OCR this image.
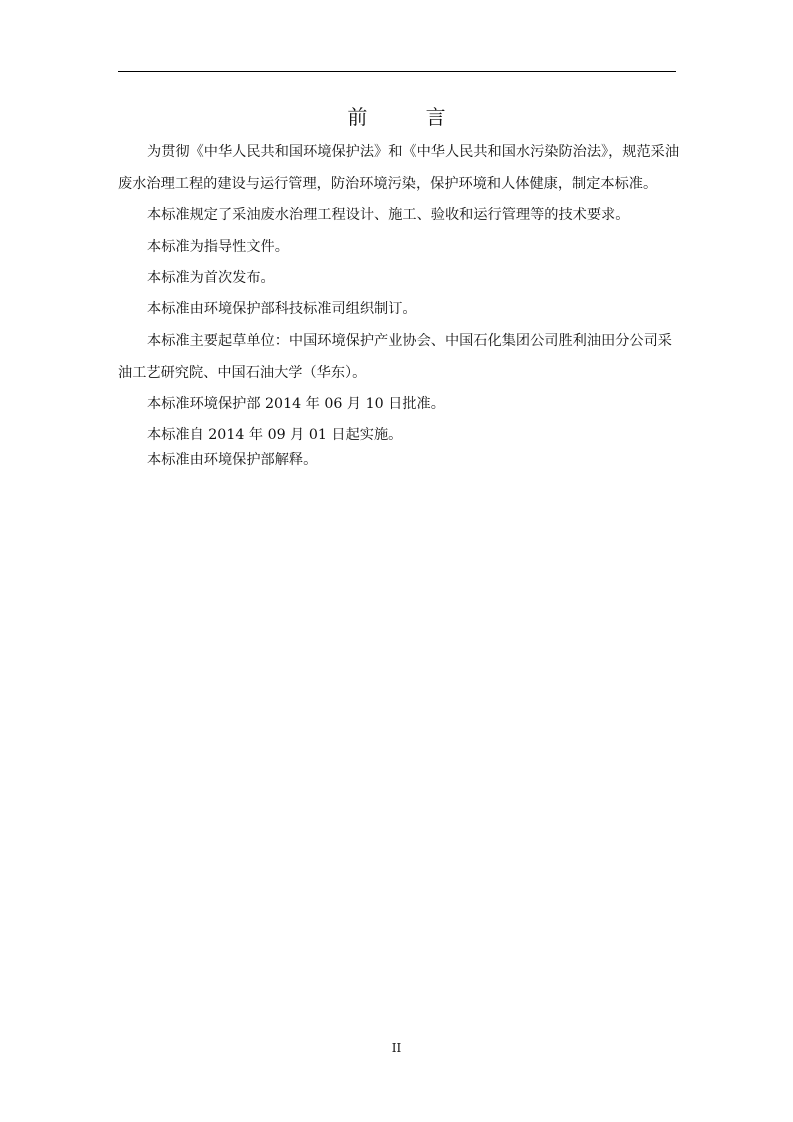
前 言
为贯彻《中华人民共和国环境保护法》和《中华人民共和国水污染防治法》，规范采油
废水治理工程的建设与运行管理，防治环境污染，保护环境和人体健康，制定本标准。
本标准规定了采油废水治理工程设计、施工、验收和运行管理等的技术要求。
本标准为指导性文件。
本标准为首次发布。
本标准由环境保护部科技标准司组织制订。
本标准主要起草单位：中国环境保护产业协会、中国石化集团公司胜利油田分公司采
油工艺研究院、中国石油大学（华东）。
本标准环境保护部 2014 年 06 月 10 日批准。
本标准自 2014 年 09 月 01 日起实施。
本标准由环境保护部解释。
II
